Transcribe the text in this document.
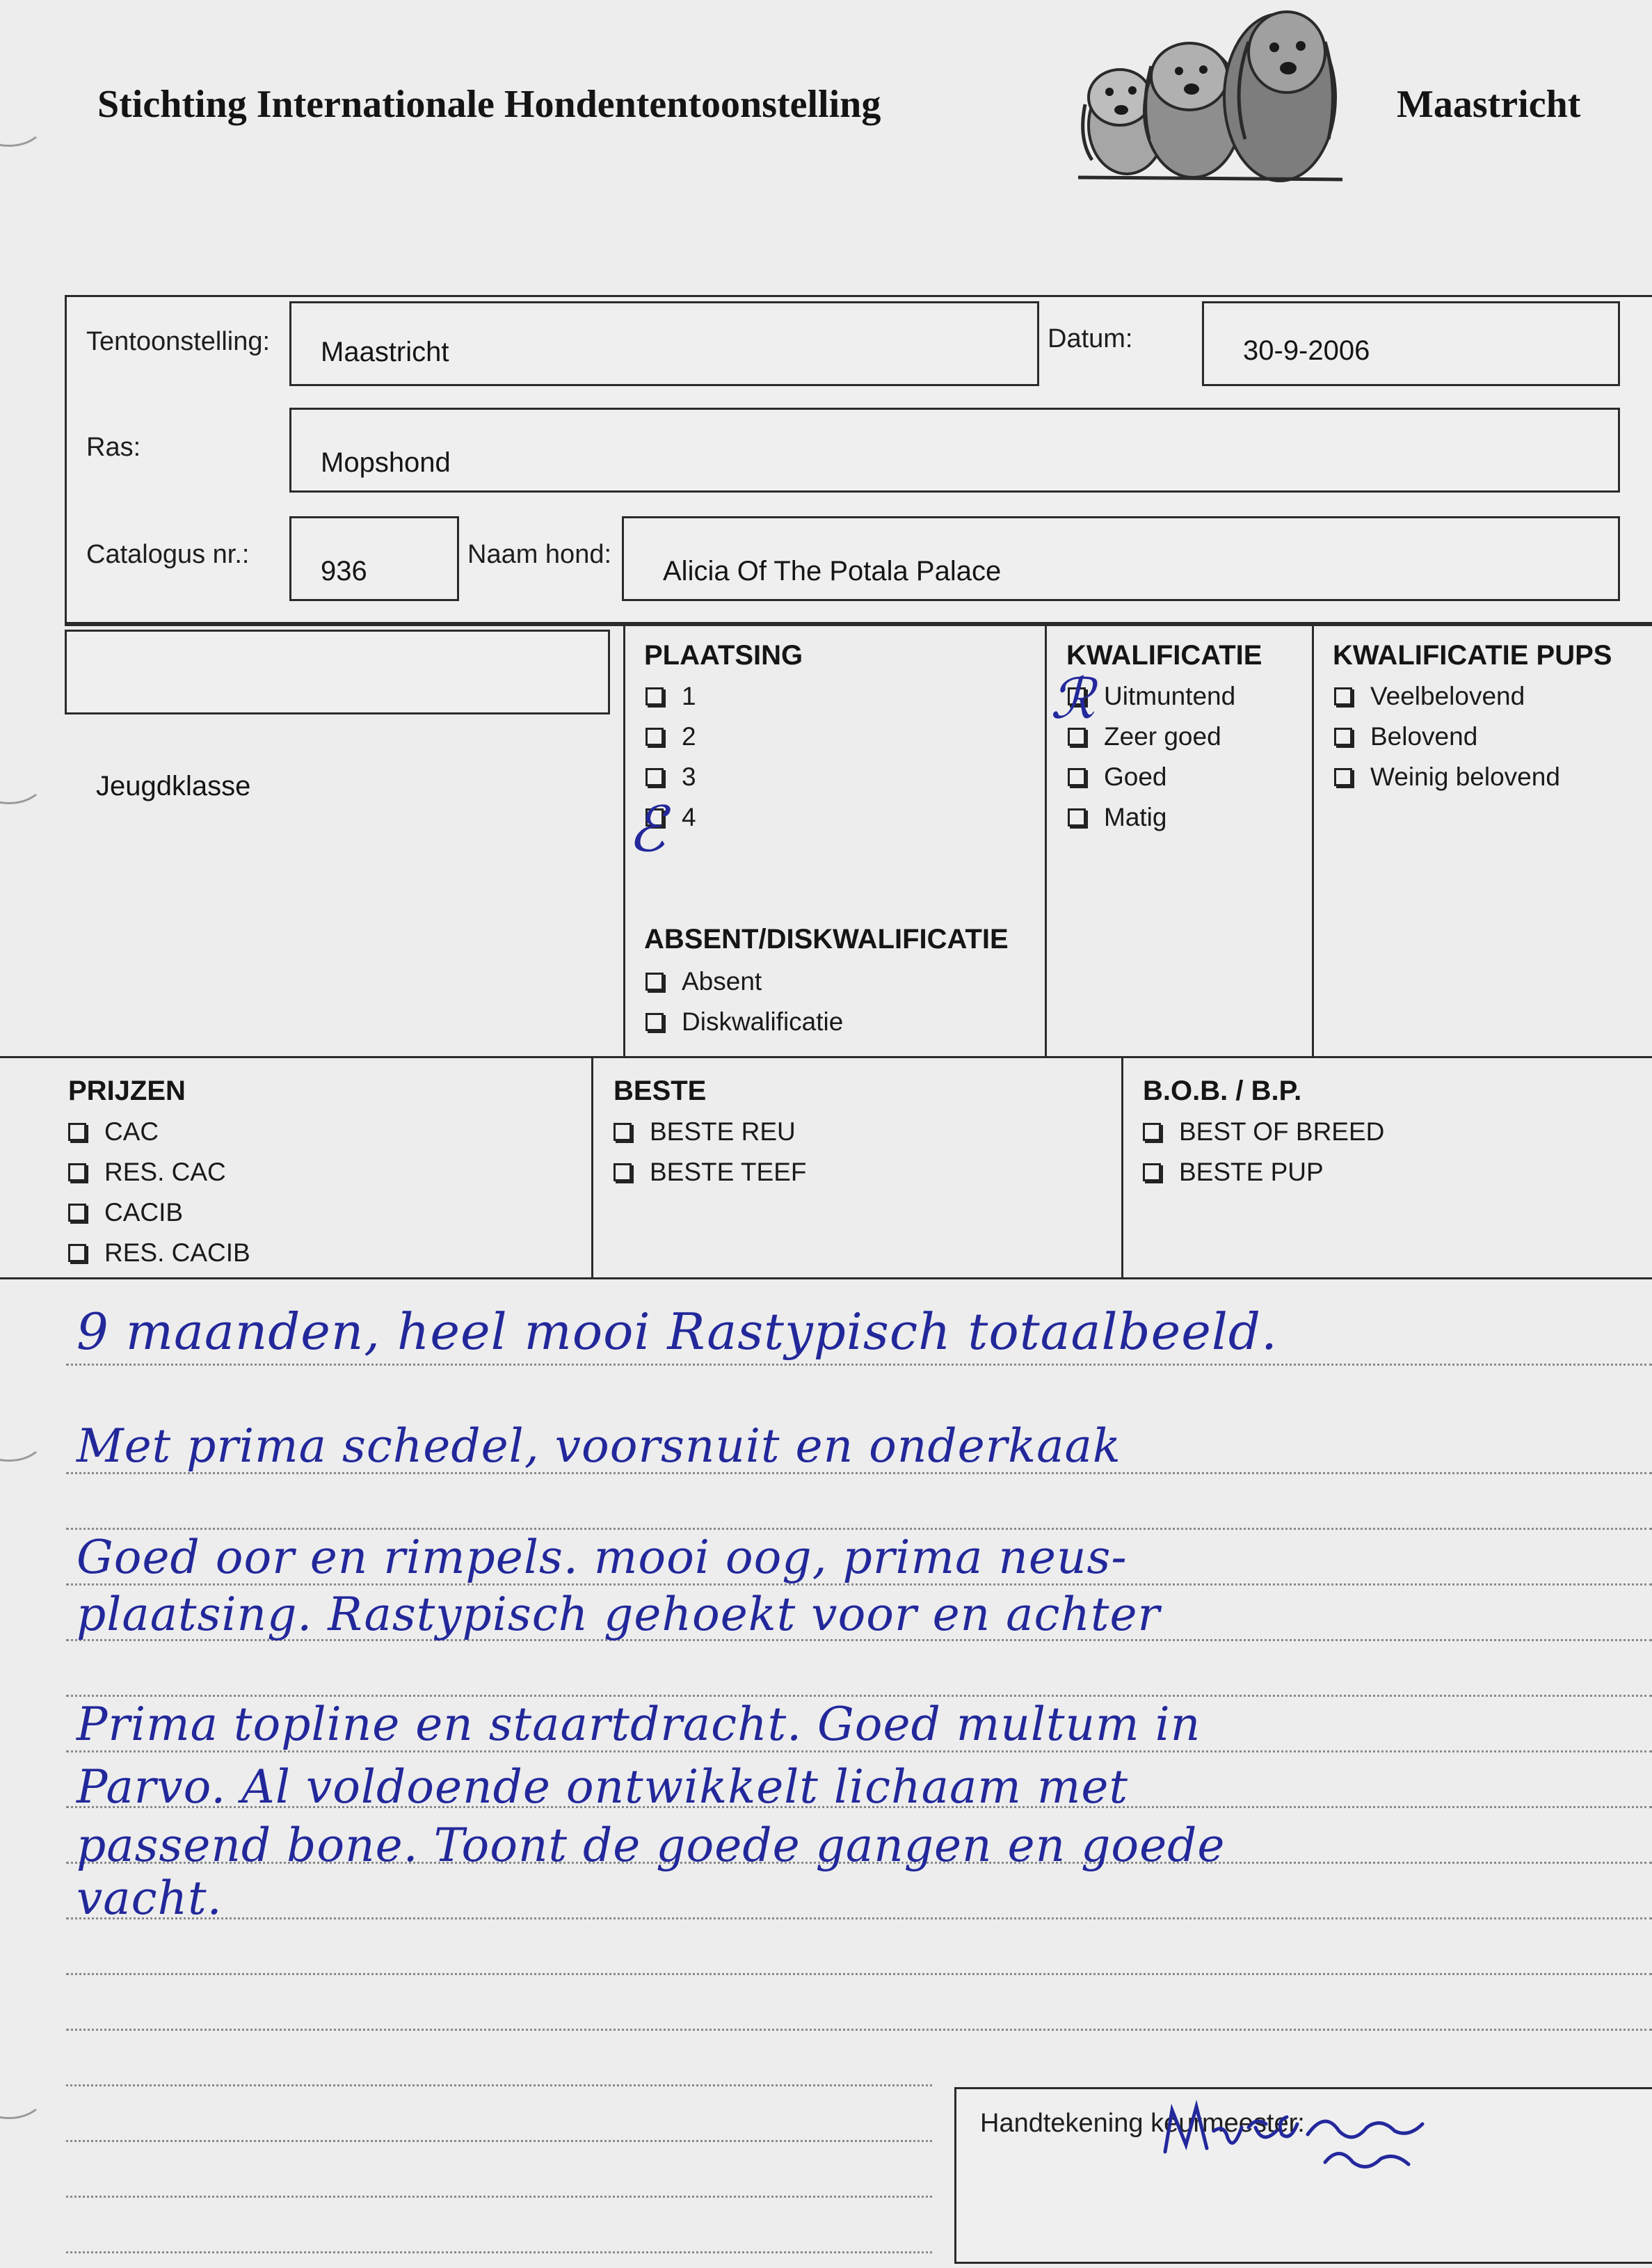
Stichting Internationale Hondententoonstelling	Maastricht
Tentoonstelling: Maastricht	Datum:	30-9-2006
Ras:	Mopshond
Catalogus nr.:
936
Naam hond:
Alicia Of The Potala Palace
Jeugdklasse
PLAATSING
1
2
3
4
ℰ
ABSENT/DISKWALIFICATIE
Absent
Diskwalificatie
KWALIFICATIE
Uitmuntend
Zeer goed
Goed
Matig
ℛ
KWALIFICATIE PUPS
Veelbelovend
Belovend
Weinig belovend
PRIJZEN
CAC
RES. CAC
CACIB
RES. CACIB
BESTE
BESTE REU
BESTE TEEF
B.O.B. / B.P.
BEST OF BREED
BESTE PUP
9 maanden, heel mooi Rastypisch totaalbeeld.
Met prima schedel, voorsnuit en onderkaak
Goed oor en rimpels. mooi oog, prima neus-
plaatsing. Rastypisch gehoekt voor en achter
Prima topline en staartdracht. Goed multum in
Parvo. Al voldoende ontwikkelt lichaam met
passend bone. Toont de goede gangen en goede
vacht.
Handtekening keurmeester:
